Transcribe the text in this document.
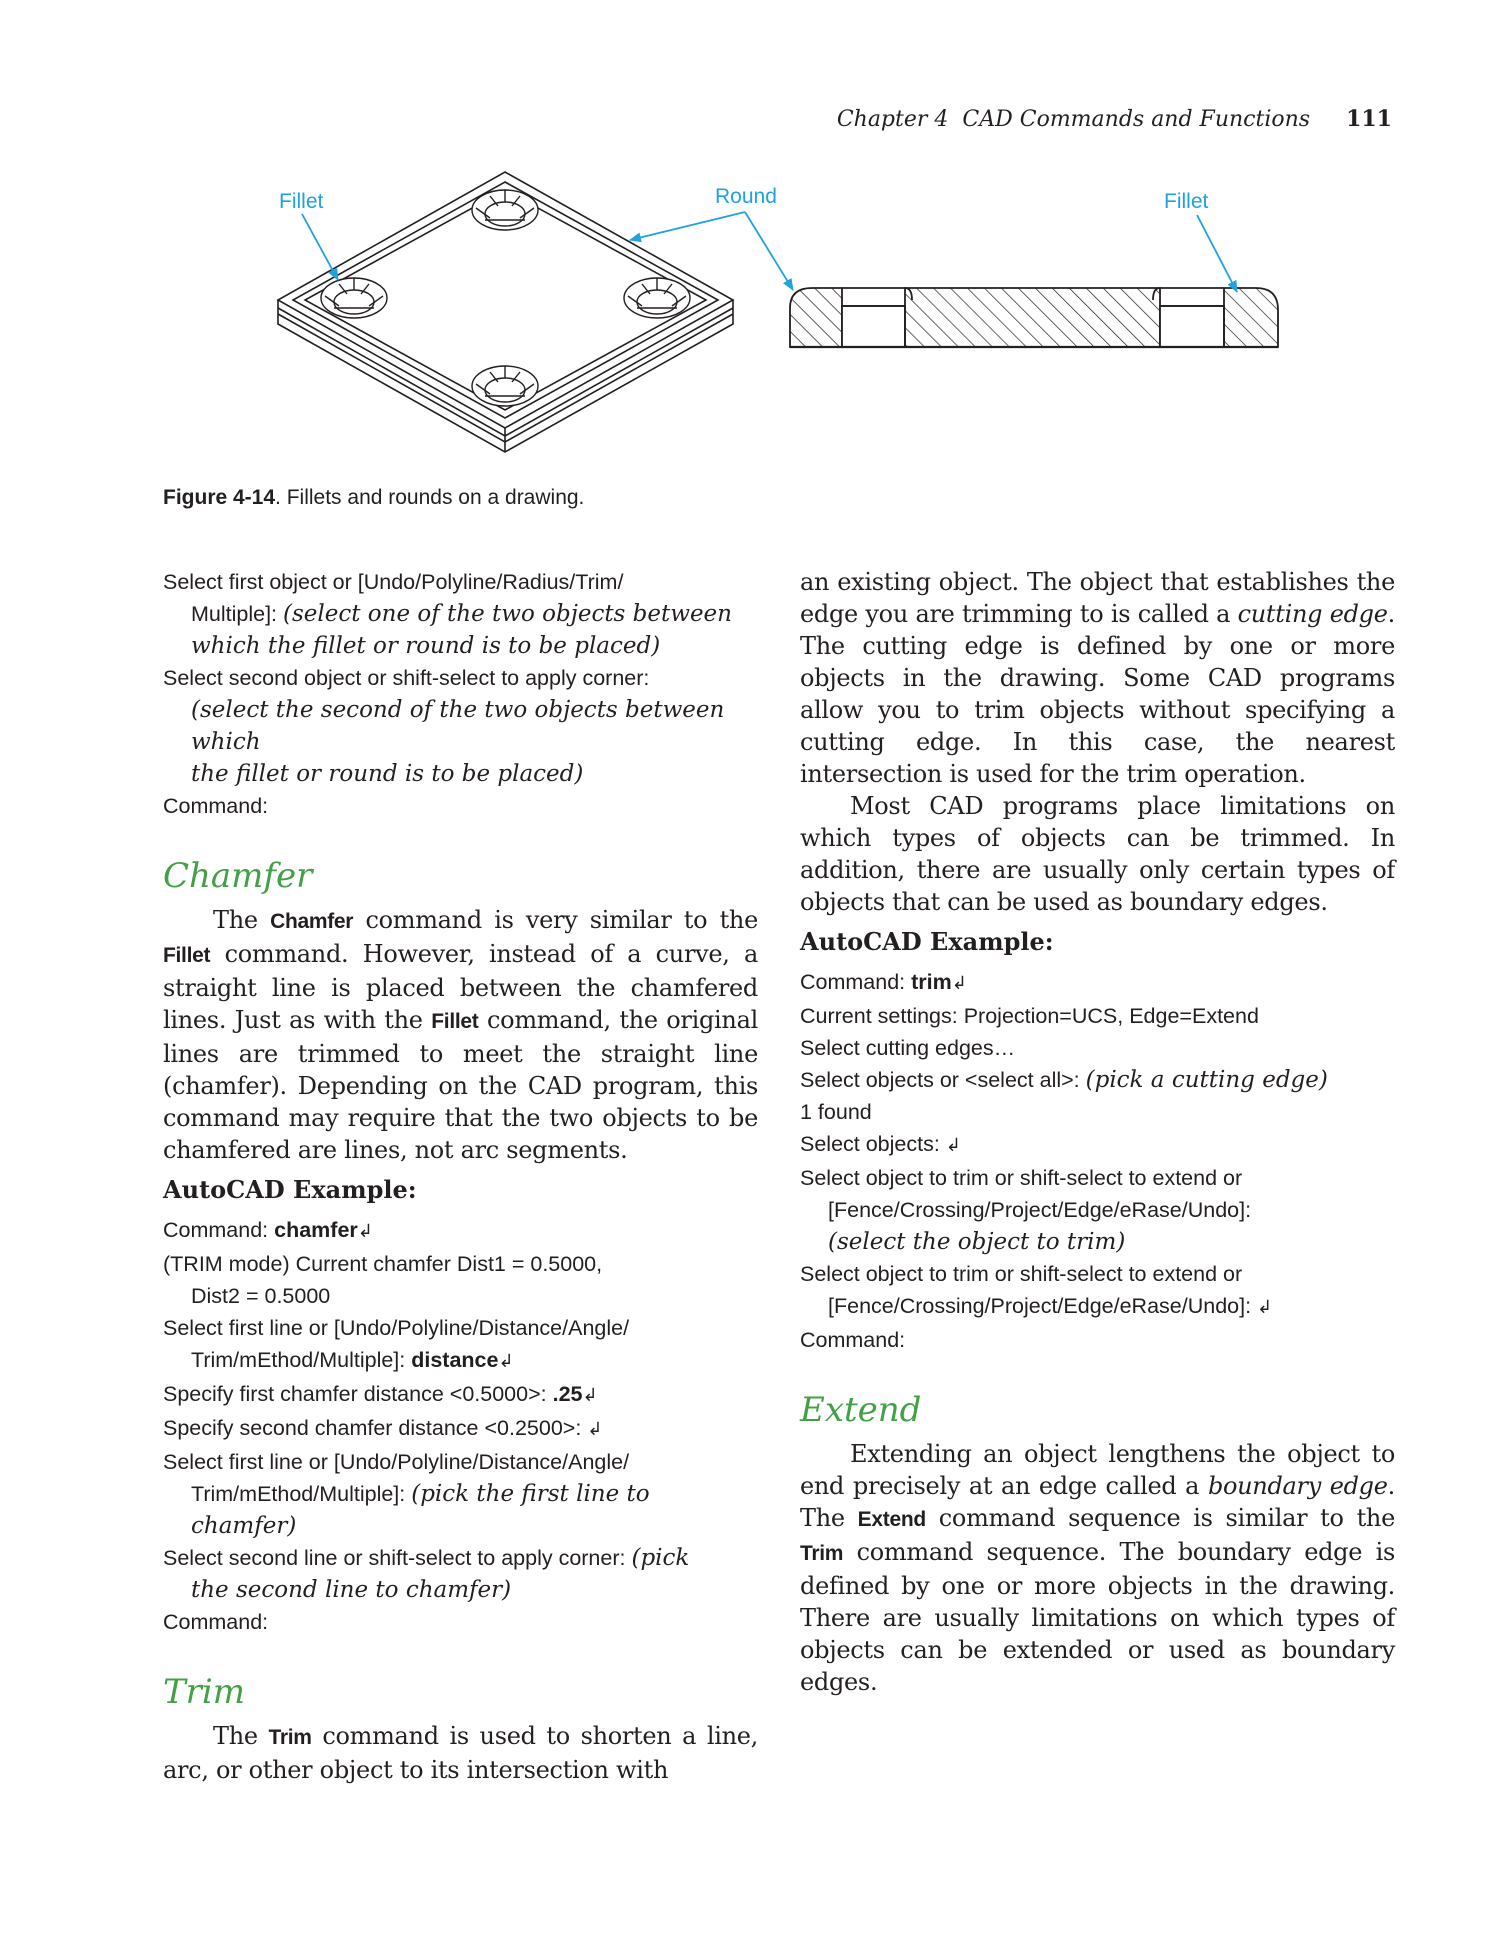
Chapter 4 CAD Commands and Functions 111
Fillet	Round	Fillet
Figure 4-14. Fillets and rounds on a drawing.

Select first object or [Undo/Polyline/Radius/Trim/

Multiple]: (select one of the two objects between

which the fillet or round is to be placed)

Select second object or shift-select to apply corner:

(select the second of the two objects between which

the fillet or round is to be placed)

Command:

Chamfer

The Chamfer command is very similar to the Fillet command. However, instead of a curve, a straight line is placed between the chamfered lines. Just as with the Fillet command, the original lines are trimmed to meet the straight line (chamfer). Depending on the CAD program, this command may require that the two objects to be chamfered are lines, not arc segments.

AutoCAD Example:

Command: chamfer↲

(TRIM mode) Current chamfer Dist1 = 0.5000,

Dist2 = 0.5000

Select first line or [Undo/Polyline/Distance/Angle/

Trim/mEthod/Multiple]: distance↲

Specify first chamfer distance <0.5000>: .25↲

Specify second chamfer distance <0.2500>: ↲

Select first line or [Undo/Polyline/Distance/Angle/

Trim/mEthod/Multiple]: (pick the first line to

chamfer)

Select second line or shift-select to apply corner: (pick

the second line to chamfer)

Command:

Trim

The Trim command is used to shorten a line, arc, or other object to its intersection with

an existing object. The object that establishes the edge you are trimming to is called a cutting edge. The cutting edge is defined by one or more objects in the drawing. Some CAD programs allow you to trim objects without specifying a cutting edge. In this case, the nearest intersection is used for the trim operation.

Most CAD programs place limitations on which types of objects can be trimmed. In addition, there are usually only certain types of objects that can be used as boundary edges.

AutoCAD Example:

Command: trim↲

Current settings: Projection=UCS, Edge=Extend

Select cutting edges…

Select objects or <select all>: (pick a cutting edge)

1 found

Select objects: ↲

Select object to trim or shift-select to extend or

[Fence/Crossing/Project/Edge/eRase/Undo]:

(select the object to trim)

Select object to trim or shift-select to extend or

[Fence/Crossing/Project/Edge/eRase/Undo]: ↲

Command:

Extend

Extending an object lengthens the object to end precisely at an edge called a boundary edge. The Extend command sequence is similar to the Trim command sequence. The boundary edge is defined by one or more objects in the drawing. There are usually limitations on which types of objects can be extended or used as boundary edges.
